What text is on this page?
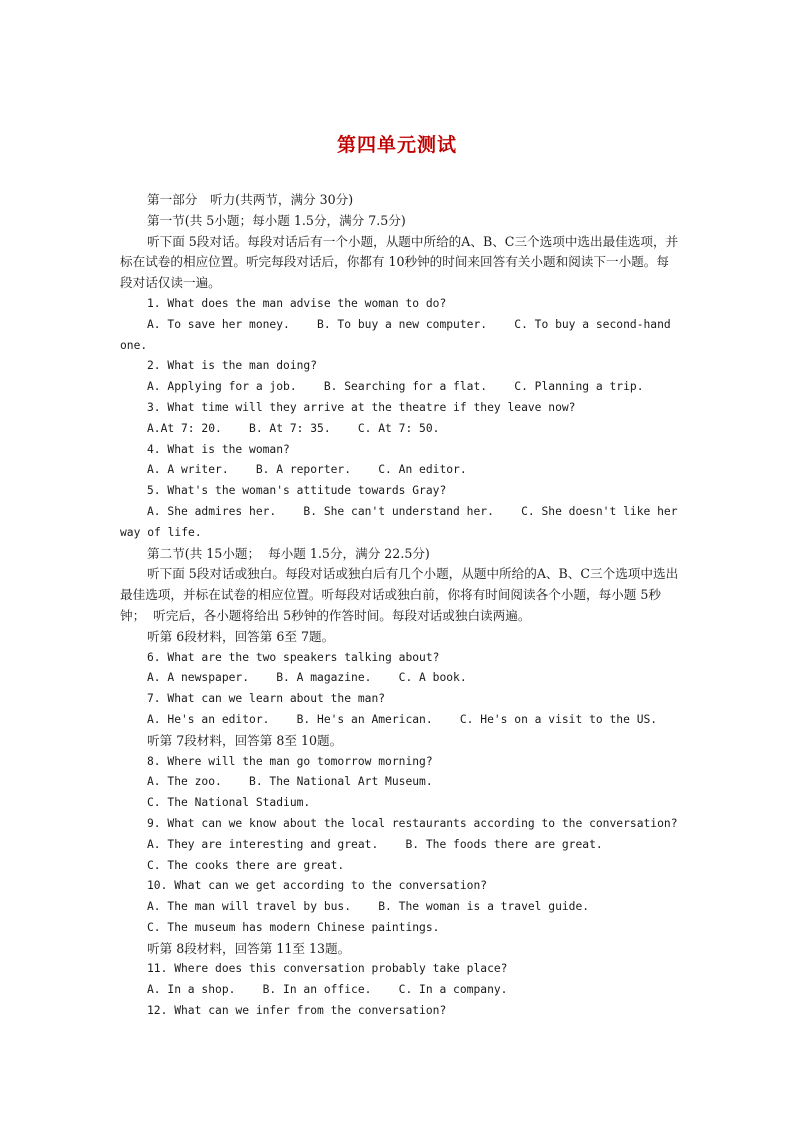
第四单元测试

第一部分　听力(共两节，满分 30分)

第一节(共 5小题；每小题 1.5分，满分 7.5分)

听下面 5段对话。每段对话后有一个小题，从题中所给的A、B、C三个选项中选出最佳选项，并标在试卷的相应位置。听完每段对话后，你都有 10秒钟的时间来回答有关小题和阅读下一小题。每段对话仅读一遍。

1. What does the man advise the woman to do?

A. To save her money.    B. To buy a new computer.    C. To buy a second-hand one.

2. What is the man doing?

A. Applying for a job.    B. Searching for a flat.    C. Planning a trip.

3. What time will they arrive at the theatre if they leave now?

A.At 7: 20.    B. At 7: 35.    C. At 7: 50.

4. What is the woman?

A. A writer.    B. A reporter.    C. An editor.

5. What's the woman's attitude towards Gray?

A. She admires her.    B. She can't understand her.    C. She doesn't like her way of life.

第二节(共 15小题；  每小题 1.5分，满分 22.5分)

听下面 5段对话或独白。每段对话或独白后有几个小题，从题中所给的A、B、C三个选项中选出最佳选项，并标在试卷的相应位置。听每段对话或独白前，你将有时间阅读各个小题，每小题 5秒钟；  听完后，各小题将给出 5秒钟的作答时间。每段对话或独白读两遍。

听第 6段材料，回答第 6至 7题。

6. What are the two speakers talking about?

A. A newspaper.    B. A magazine.    C. A book.

7. What can we learn about the man?

A. He's an editor.    B. He's an American.    C. He's on a visit to the US.

听第 7段材料，回答第 8至 10题。

8. Where will the man go tomorrow morning?

A. The zoo.    B. The National Art Museum.

C. The National Stadium.

9. What can we know about the local restaurants according to the conversation?

A. They are interesting and great.    B. The foods there are great.

C. The cooks there are great.

10. What can we get according to the conversation?

A. The man will travel by bus.    B. The woman is a travel guide.

C. The museum has modern Chinese paintings.

听第 8段材料，回答第 11至 13题。

11. Where does this conversation probably take place?

A. In a shop.    B. In an office.    C. In a company.

12. What can we infer from the conversation?
